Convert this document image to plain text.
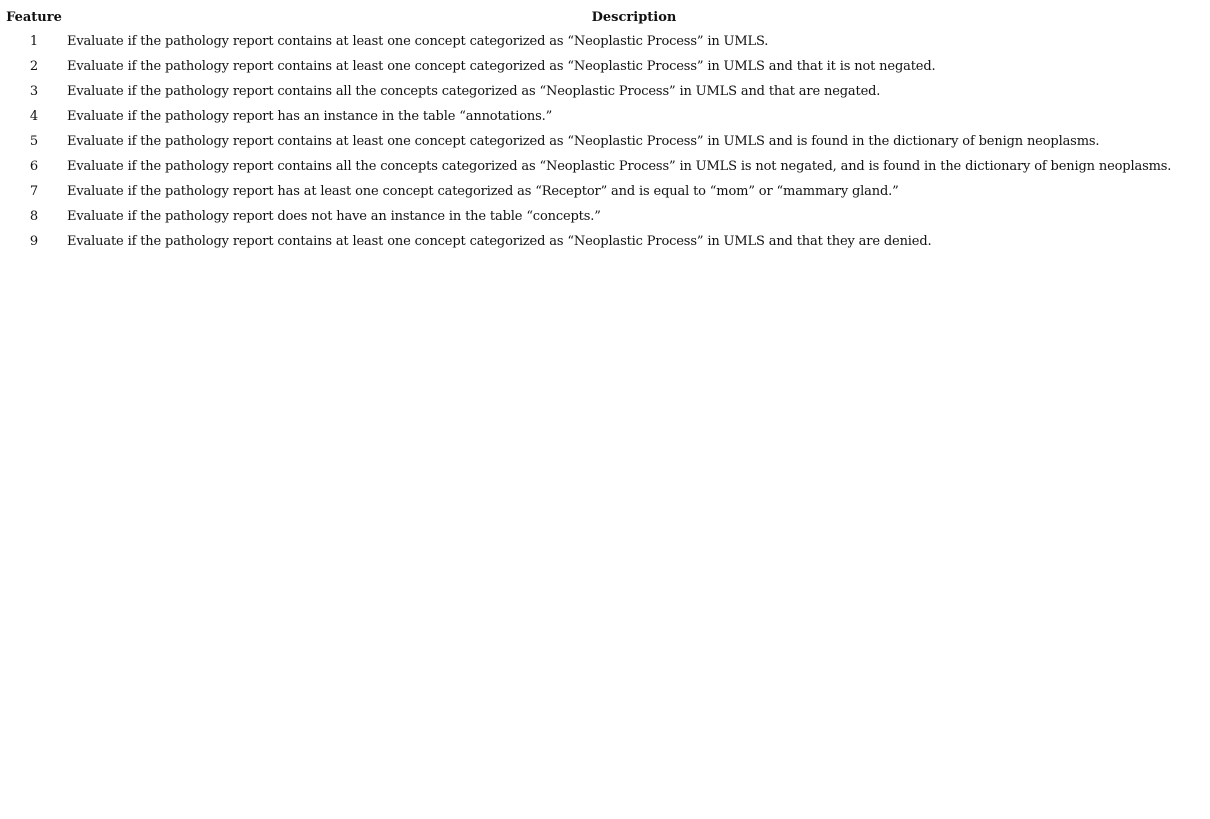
Feature	Description
1	Evaluate if the pathology report contains at least one concept categorized as “Neoplastic Process” in UMLS.
2	Evaluate if the pathology report contains at least one concept categorized as “Neoplastic Process” in UMLS and that it is not negated.
3	Evaluate if the pathology report contains all the concepts categorized as “Neoplastic Process” in UMLS and that are negated.
4	Evaluate if the pathology report has an instance in the table “annotations.”
5	Evaluate if the pathology report contains at least one concept categorized as “Neoplastic Process” in UMLS and is found in the dictionary of benign neoplasms.
6	Evaluate if the pathology report contains all the concepts categorized as “Neoplastic Process” in UMLS is not negated, and is found in the dictionary of benign neoplasms.
7	Evaluate if the pathology report has at least one concept categorized as “Receptor” and is equal to “mom” or “mammary gland.”
8	Evaluate if the pathology report does not have an instance in the table “concepts.”
9	Evaluate if the pathology report contains at least one concept categorized as “Neoplastic Process” in UMLS and that they are denied.
